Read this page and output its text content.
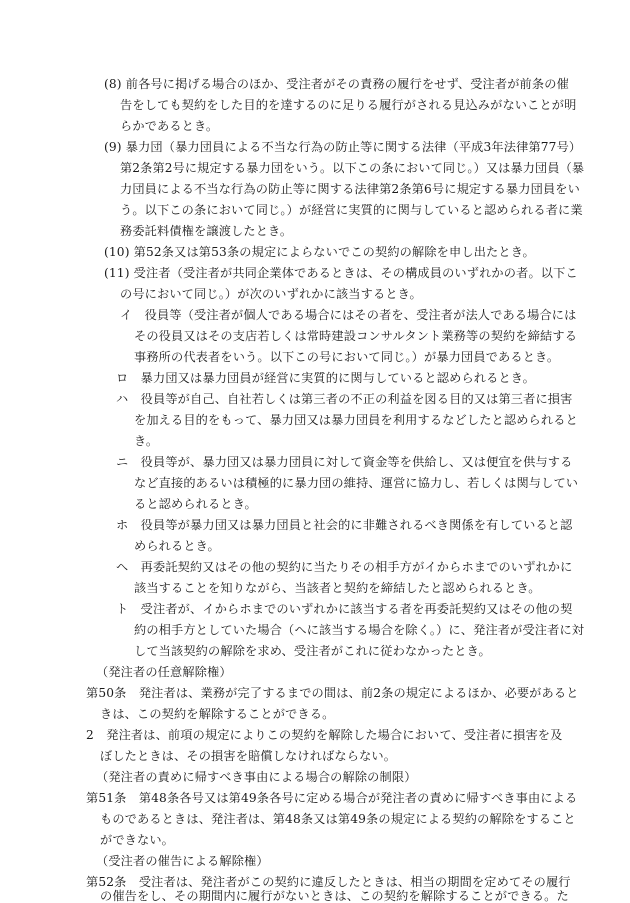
(8) 前各号に掲げる場合のほか、受注者がその責務の履行をせず、受注者が前条の催
告をしても契約をした目的を達するのに足りる履行がされる見込みがないことが明
らかであるとき。
(9) 暴力団（暴力団員による不当な行為の防止等に関する法律（平成3年法律第77号）
第2条第2号に規定する暴力団をいう。以下この条において同じ。）又は暴力団員（暴
力団員による不当な行為の防止等に関する法律第2条第6号に規定する暴力団員をい
う。以下この条において同じ。）が経営に実質的に関与していると認められる者に業
務委託料債権を譲渡したとき。
(10) 第52条又は第53条の規定によらないでこの契約の解除を申し出たとき。
(11) 受注者（受注者が共同企業体であるときは、その構成員のいずれかの者。以下こ
の号において同じ。）が次のいずれかに該当するとき。
イ　役員等（受注者が個人である場合にはその者を、受注者が法人である場合には
その役員又はその支店若しくは常時建設コンサルタント業務等の契約を締結する
事務所の代表者をいう。以下この号において同じ。）が暴力団員であるとき。
ロ　暴力団又は暴力団員が経営に実質的に関与していると認められるとき。
ハ　役員等が自己、自社若しくは第三者の不正の利益を図る目的又は第三者に損害
を加える目的をもって、暴力団又は暴力団員を利用するなどしたと認められると
き。
ニ　役員等が、暴力団又は暴力団員に対して資金等を供給し、又は便宜を供与する
など直接的あるいは積極的に暴力団の維持、運営に協力し、若しくは関与してい
ると認められるとき。
ホ　役員等が暴力団又は暴力団員と社会的に非難されるべき関係を有していると認
められるとき。
ヘ　再委託契約又はその他の契約に当たりその相手方がイからホまでのいずれかに
該当することを知りながら、当該者と契約を締結したと認められるとき。
ト　受注者が、イからホまでのいずれかに該当する者を再委託契約又はその他の契
約の相手方としていた場合（ヘに該当する場合を除く。）に、発注者が受注者に対
して当該契約の解除を求め、受注者がこれに従わなかったとき。
（発注者の任意解除権）
第50条　発注者は、業務が完了するまでの間は、前2条の規定によるほか、必要があると
きは、この契約を解除することができる。
2　発注者は、前項の規定によりこの契約を解除した場合において、受注者に損害を及
ぼしたときは、その損害を賠償しなければならない。
（発注者の責めに帰すべき事由による場合の解除の制限）
第51条　第48条各号又は第49条各号に定める場合が発注者の責めに帰すべき事由による
ものであるときは、発注者は、第48条又は第49条の規定による契約の解除をすること
ができない。
（受注者の催告による解除権）
第52条　受注者は、発注者がこの契約に違反したときは、相当の期間を定めてその履行
の催告をし、その期間内に履行がないときは、この契約を解除することができる。た
